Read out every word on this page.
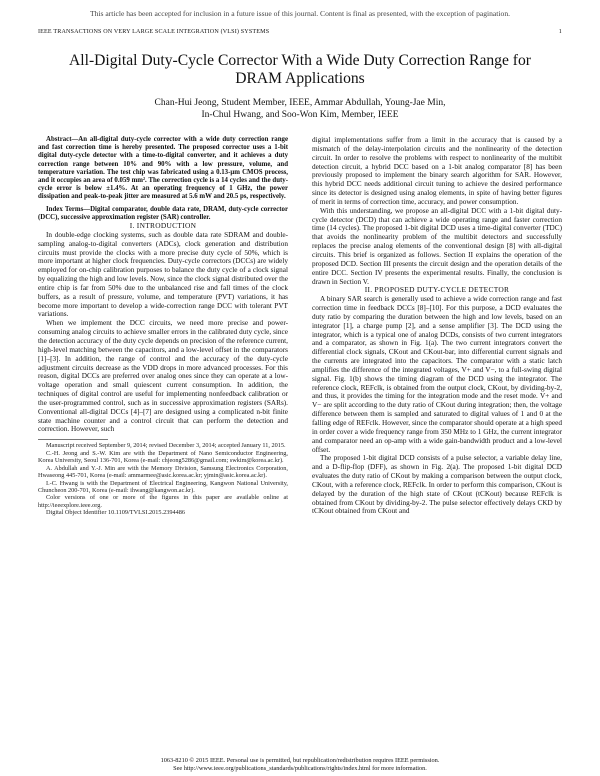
This article has been accepted for inclusion in a future issue of this journal. Content is final as presented, with the exception of pagination.
IEEE TRANSACTIONS ON VERY LARGE SCALE INTEGRATION (VLSI) SYSTEMS	1
All-Digital Duty-Cycle Corrector With a Wide Duty Correction Range for DRAM Applications
Chan-Hui Jeong, Student Member, IEEE, Ammar Abdullah, Young-Jae Min,
In-Chul Hwang, and Soo-Won Kim, Member, IEEE

Abstract—An all-digital duty-cycle corrector with a wide duty correction range and fast correction time is hereby presented. The proposed corrector uses a 1-bit digital duty-cycle detector with a time-to-digital converter, and it achieves a duty correction range between 10% and 90% with a low pressure, volume, and temperature variation. The test chip was fabricated using a 0.13-μm CMOS process, and it occupies an area of 0.059 mm². The correction cycle is a 14 cycles and the duty-cycle error is below ±1.4%. At an operating frequency of 1 GHz, the power dissipation and peak-to-peak jitter are measured at 5.6 mW and 20.5 ps, respectively.

Index Terms—Digital comparator, double data rate, DRAM, duty-cycle corrector (DCC), successive approximation register (SAR) controller.

I. INTRODUCTION

In double-edge clocking systems, such as double data rate SDRAM and double-sampling analog-to-digital converters (ADCs), clock generation and distribution circuits must provide the clocks with a more precise duty cycle of 50%, which is more important at higher clock frequencies. Duty-cycle correctors (DCCs) are widely employed for on-chip calibration purposes to balance the duty cycle of a clock signal by equalizing the high and low levels. Now, since the clock signal distributed over the entire chip is far from 50% due to the unbalanced rise and fall times of the clock buffers, as a result of pressure, volume, and temperature (PVT) variations, it has become more important to develop a wide-correction range DCC with tolerant PVT variations.

When we implement the DCC circuits, we need more precise and power-consuming analog circuits to achieve smaller errors in the calibrated duty cycle, since the detection accuracy of the duty cycle depends on precision of the reference current, high-level matching between the capacitors, and a low-level offset in the comparators [1]–[3]. In addition, the range of control and the accuracy of the duty-cycle adjustment circuits decrease as the VDD drops in more advanced processes. For this reason, digital DCCs are preferred over analog ones since they can operate at a low-voltage operation and small quiescent current consumption. In addition, the techniques of digital control are useful for implementing nonfeedback calibration or the user-programmed control, such as in successive approximation registers (SARs). Conventional all-digital DCCs [4]–[7] are designed using a complicated n-bit finite state machine counter and a control circuit that can perform the detection and correction. However, such

Manuscript received September 9, 2014; revised December 3, 2014; accepted January 11, 2015.

C.-H. Jeong and S.-W. Kim are with the Department of Nano Semiconductor Engineering, Korea University, Seoul 136-701, Korea (e-mail: chjeong5286@gmail.com; swkim@korea.ac.kr).

A. Abdullah and Y.-J. Min are with the Memory Division, Samsung Electronics Corporation, Hwaseong 445-701, Korea (e-mail: ammarmee@asic.korea.ac.kr; yjmin@asic.korea.ac.kr).

I.-C. Hwang is with the Department of Electrical Engineering, Kangwon National University, Chuncheon 200-701, Korea (e-mail: ihwang@kangwon.ac.kr).

Color versions of one or more of the figures in this paper are available online at http://ieeexplore.ieee.org.

Digital Object Identifier 10.1109/TVLSI.2015.2394486

digital implementations suffer from a limit in the accuracy that is caused by a mismatch of the delay-interpolation circuits and the nonlinearity of the detection circuit. In order to resolve the problems with respect to nonlinearity of the multibit detection circuit, a hybrid DCC based on a 1-bit analog comparator [8] has been previously proposed to implement the binary search algorithm for SAR. However, this hybrid DCC needs additional circuit tuning to achieve the desired performance since its detector is designed using analog elements, in spite of having better figures of merit in terms of correction time, accuracy, and power consumption.

With this understanding, we propose an all-digital DCC with a 1-bit digital duty-cycle detector (DCD) that can achieve a wide operating range and faster correction time (14 cycles). The proposed 1-bit digital DCD uses a time-digital converter (TDC) that avoids the nonlinearity problem of the multibit detectors and successfully replaces the precise analog elements of the conventional design [8] with all-digital circuits. This brief is organized as follows. Section II explains the operation of the proposed DCD. Section III presents the circuit design and the operation details of the entire DCC. Section IV presents the experimental results. Finally, the conclusion is drawn in Section V.

II. PROPOSED DUTY-CYCLE DETECTOR

A binary SAR search is generally used to achieve a wide correction range and fast correction time in feedback DCCs [8]–[10]. For this purpose, a DCD evaluates the duty ratio by comparing the duration between the high and low levels, based on an integrator [1], a charge pump [2], and a sense amplifier [3]. The DCD using the integrator, which is a typical one of analog DCDs, consists of two current integrators and a comparator, as shown in Fig. 1(a). The two current integrators convert the differential clock signals, CKout and CKout-bar, into differential current signals and the currents are integrated into the capacitors. The comparator with a static latch amplifies the difference of the integrated voltages, V+ and V−, to a full-swing digital signal. Fig. 1(b) shows the timing diagram of the DCD using the integrator. The reference clock, REFclk, is obtained from the output clock, CKout, by dividing-by-2, and thus, it provides the timing for the integration mode and the reset mode. V+ and V− are split according to the duty ratio of CKout during integration; then, the voltage difference between them is sampled and saturated to digital values of 1 and 0 at the falling edge of REFclk. However, since the comparator should operate at a high speed in order cover a wide frequency range from 350 MHz to 1 GHz, the current integrator and comparator need an op-amp with a wide gain-bandwidth product and a low-level offset.

The proposed 1-bit digital DCD consists of a pulse selector, a variable delay line, and a D-flip-flop (DFF), as shown in Fig. 2(a). The proposed 1-bit digital DCD evaluates the duty ratio of CKout by making a comparison between the output clock, CKout, with a reference clock, REFclk. In order to perform this comparison, CKout is delayed by the duration of the high state of CKout (tCKout) because REFclk is obtained from CKout by dividing-by-2. The pulse selector effectively delays CKD by tCKout obtained from CKout and

1063-8210 © 2015 IEEE. Personal use is permitted, but republication/redistribution requires IEEE permission.
See http://www.ieee.org/publications_standards/publications/rights/index.html for more information.
